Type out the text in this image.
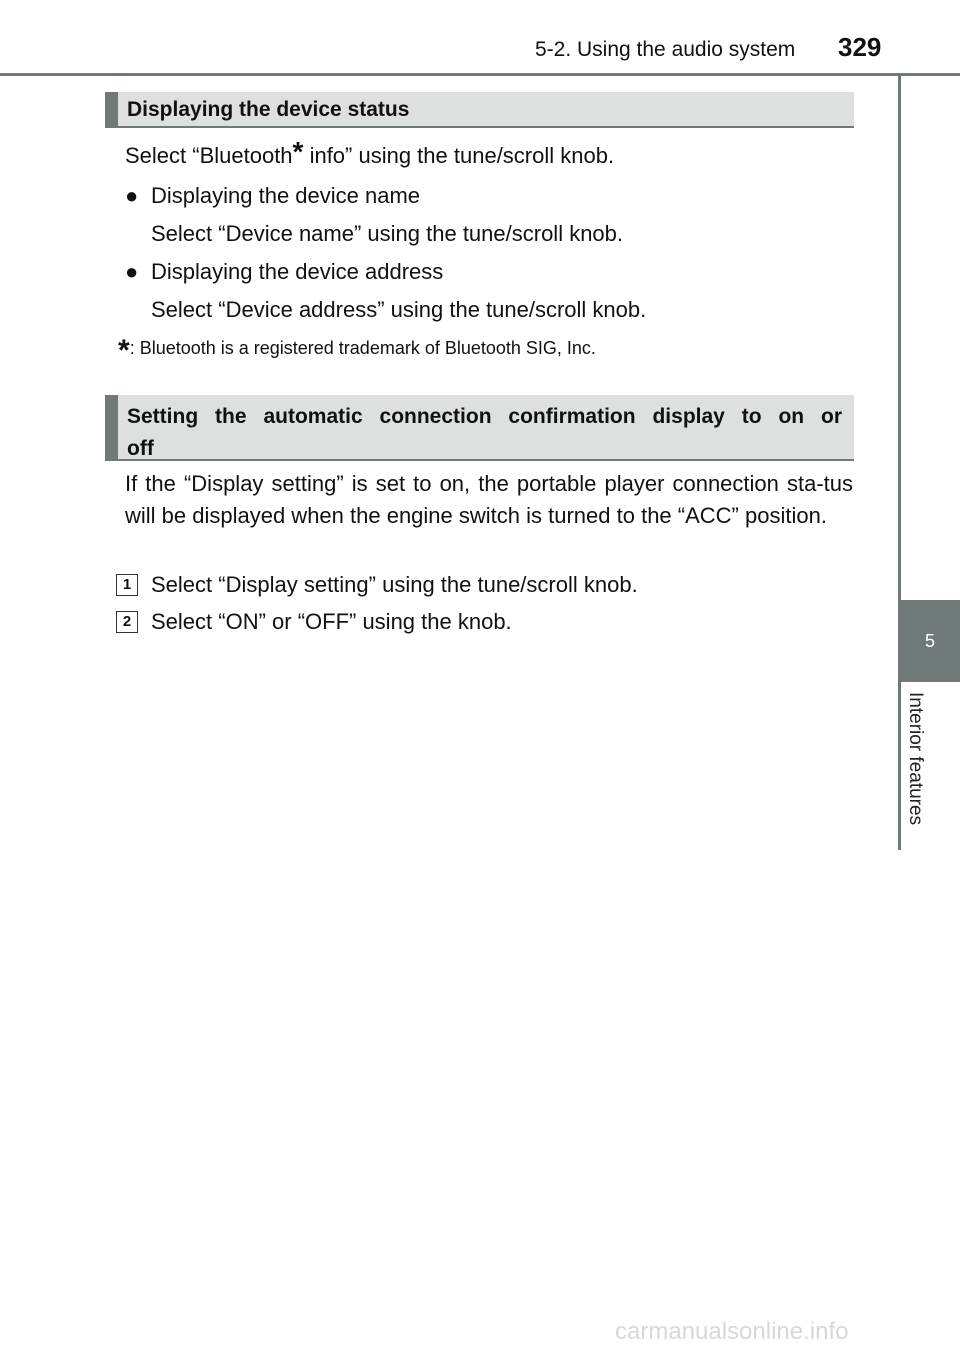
5-2. Using the audio system 329
5
Interior features
Displaying the device status
Select “Bluetooth* info” using the tune/scroll knob.
● Displaying the device name
Select “Device name” using the tune/scroll knob.
● Displaying the device address
Select “Device address” using the tune/scroll knob.
*: Bluetooth is a registered trademark of Bluetooth SIG, Inc.
Setting the automatic connection confirmation display to on or
off
If the “Display setting” is set to on, the portable player connection sta-tus will be displayed when the engine switch is turned to the “ACC” position.
1 Select “Display setting” using the tune/scroll knob.
2 Select “ON” or “OFF” using the knob.
carmanualsonline.info
